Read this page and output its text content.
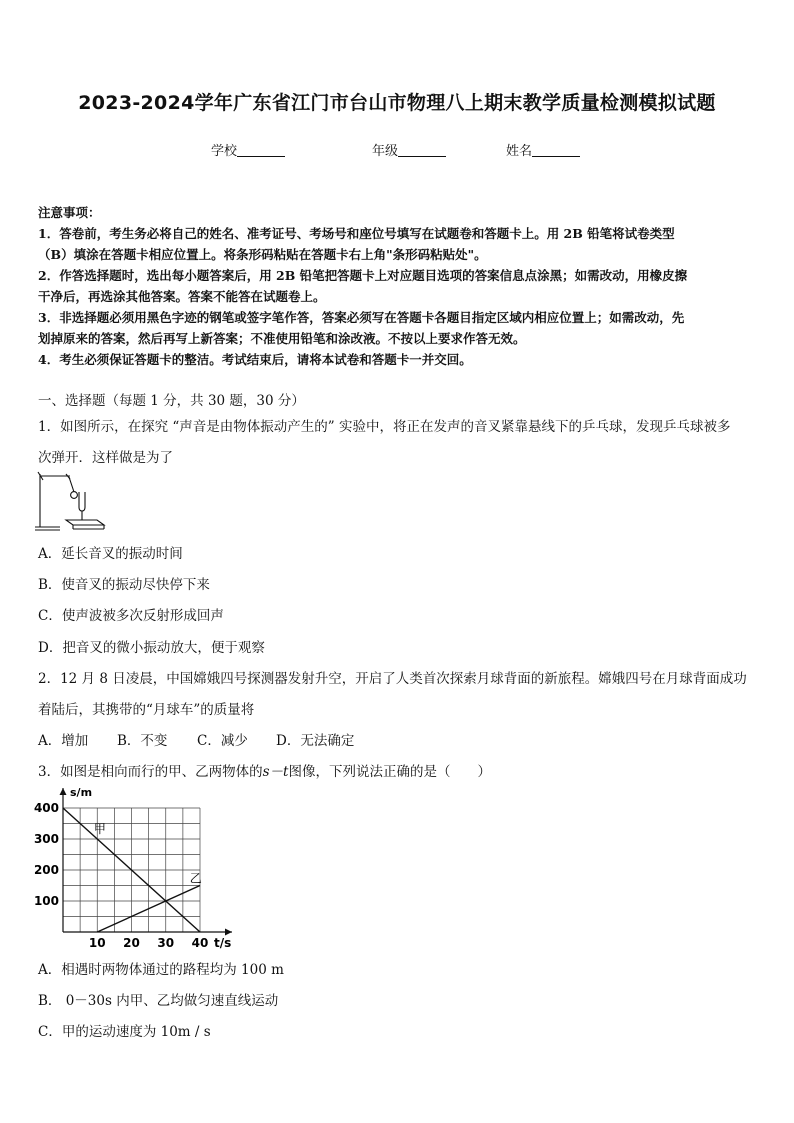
2023-2024学年广东省江门市台山市物理八上期末教学质量检测模拟试题
学校	年级	姓名
注意事项：
1．答卷前，考生务必将自己的姓名、准考证号、考场号和座位号填写在试题卷和答题卡上。用 2B 铅笔将试卷类型
（B）填涂在答题卡相应位置上。将条形码粘贴在答题卡右上角"条形码粘贴处"。
2．作答选择题时，选出每小题答案后，用 2B 铅笔把答题卡上对应题目选项的答案信息点涂黑；如需改动，用橡皮擦
干净后，再选涂其他答案。答案不能答在试题卷上。
3．非选择题必须用黑色字迹的钢笔或签字笔作答，答案必须写在答题卡各题目指定区域内相应位置上；如需改动，先
划掉原来的答案，然后再写上新答案；不准使用铅笔和涂改液。不按以上要求作答无效。
4．考生必须保证答题卡的整洁。考试结束后，请将本试卷和答题卡一并交回。
一、选择题（每题 1 分，共 30 题，30 分）
1．如图所示，在探究 “声音是由物体振动产生的” 实验中，将正在发声的音叉紧靠悬线下的乒乓球，发现乒乓球被多
次弹开．这样做是为了
A．延长音叉的振动时间
B．使音叉的振动尽快停下来
C．使声波被多次反射形成回声
D．把音叉的微小振动放大，便于观察
2．12 月 8 日凌晨，中国嫦娥四号探测器发射升空，开启了人类首次探索月球背面的新旅程。嫦娥四号在月球背面成功
着陆后，其携带的“月球车”的质量将
A．增加 B．不变 C．减少 D．无法确定
3．如图是相向而行的甲、乙两物体的s－t图像，下列说法正确的是（　　）
s/m
t/s
100
200
300
400
10 20 30 40
甲
乙
A．相遇时两物体通过的路程均为 100 m
B． 0－30s 内甲、乙均做匀速直线运动
C．甲的运动速度为 10m / s
